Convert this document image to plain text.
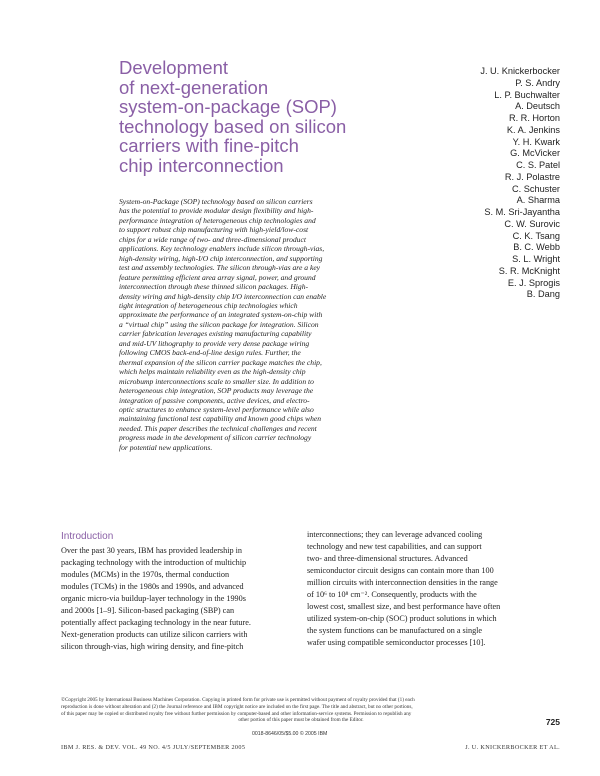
Development
of next-generation
system-on-package (SOP)
technology based on silicon
carriers with fine-pitch
chip interconnection
J. U. Knickerbocker
P. S. Andry
L. P. Buchwalter
A. Deutsch
R. R. Horton
K. A. Jenkins
Y. H. Kwark
G. McVicker
C. S. Patel
R. J. Polastre
C. Schuster
A. Sharma
S. M. Sri-Jayantha
C. W. Surovic
C. K. Tsang
B. C. Webb
S. L. Wright
S. R. McKnight
E. J. Sprogis
B. Dang
System-on-Package (SOP) technology based on silicon carriers
has the potential to provide modular design flexibility and high-
performance integration of heterogeneous chip technologies and
to support robust chip manufacturing with high-yield/low-cost
chips for a wide range of two- and three-dimensional product
applications. Key technology enablers include silicon through-vias,
high-density wiring, high-I/O chip interconnection, and supporting
test and assembly technologies. The silicon through-vias are a key
feature permitting efficient area array signal, power, and ground
interconnection through these thinned silicon packages. High-
density wiring and high-density chip I/O interconnection can enable
tight integration of heterogeneous chip technologies which
approximate the performance of an integrated system-on-chip with
a “virtual chip” using the silicon package for integration. Silicon
carrier fabrication leverages existing manufacturing capability
and mid-UV lithography to provide very dense package wiring
following CMOS back-end-of-line design rules. Further, the
thermal expansion of the silicon carrier package matches the chip,
which helps maintain reliability even as the high-density chip
microbump interconnections scale to smaller size. In addition to
heterogeneous chip integration, SOP products may leverage the
integration of passive components, active devices, and electro-
optic structures to enhance system-level performance while also
maintaining functional test capability and known good chips when
needed. This paper describes the technical challenges and recent
progress made in the development of silicon carrier technology
for potential new applications.
Introduction
Over the past 30 years, IBM has provided leadership in
packaging technology with the introduction of multichip
modules (MCMs) in the 1970s, thermal conduction
modules (TCMs) in the 1980s and 1990s, and advanced
organic micro-via buildup-layer technology in the 1990s
and 2000s [1–9]. Silicon-based packaging (SBP) can
potentially affect packaging technology in the near future.
Next-generation products can utilize silicon carriers with
silicon through-vias, high wiring density, and fine-pitch
interconnections; they can leverage advanced cooling
technology and new test capabilities, and can support
two- and three-dimensional structures. Advanced
semiconductor circuit designs can contain more than 100
million circuits with interconnection densities in the range
of 10⁶ to 10⁸ cm⁻². Consequently, products with the
lowest cost, smallest size, and best performance have often
utilized system-on-chip (SOC) product solutions in which
the system functions can be manufactured on a single
wafer using compatible semiconductor processes [10].
©Copyright 2005 by International Business Machines Corporation. Copying in printed form for private use is permitted without payment of royalty provided that (1) each
reproduction is done without alteration and (2) the Journal reference and IBM copyright notice are included on the first page. The title and abstract, but no other portions,
of this paper may be copied or distributed royalty free without further permission by computer-based and other information-service systems. Permission to republish any
other portion of this paper must be obtained from the Editor.	725
0018-8646/05/$5.00 © 2005 IBM
IBM J. RES. & DEV. VOL. 49 NO. 4/5 JULY/SEPTEMBER 2005	J. U. KNICKERBOCKER ET AL.
